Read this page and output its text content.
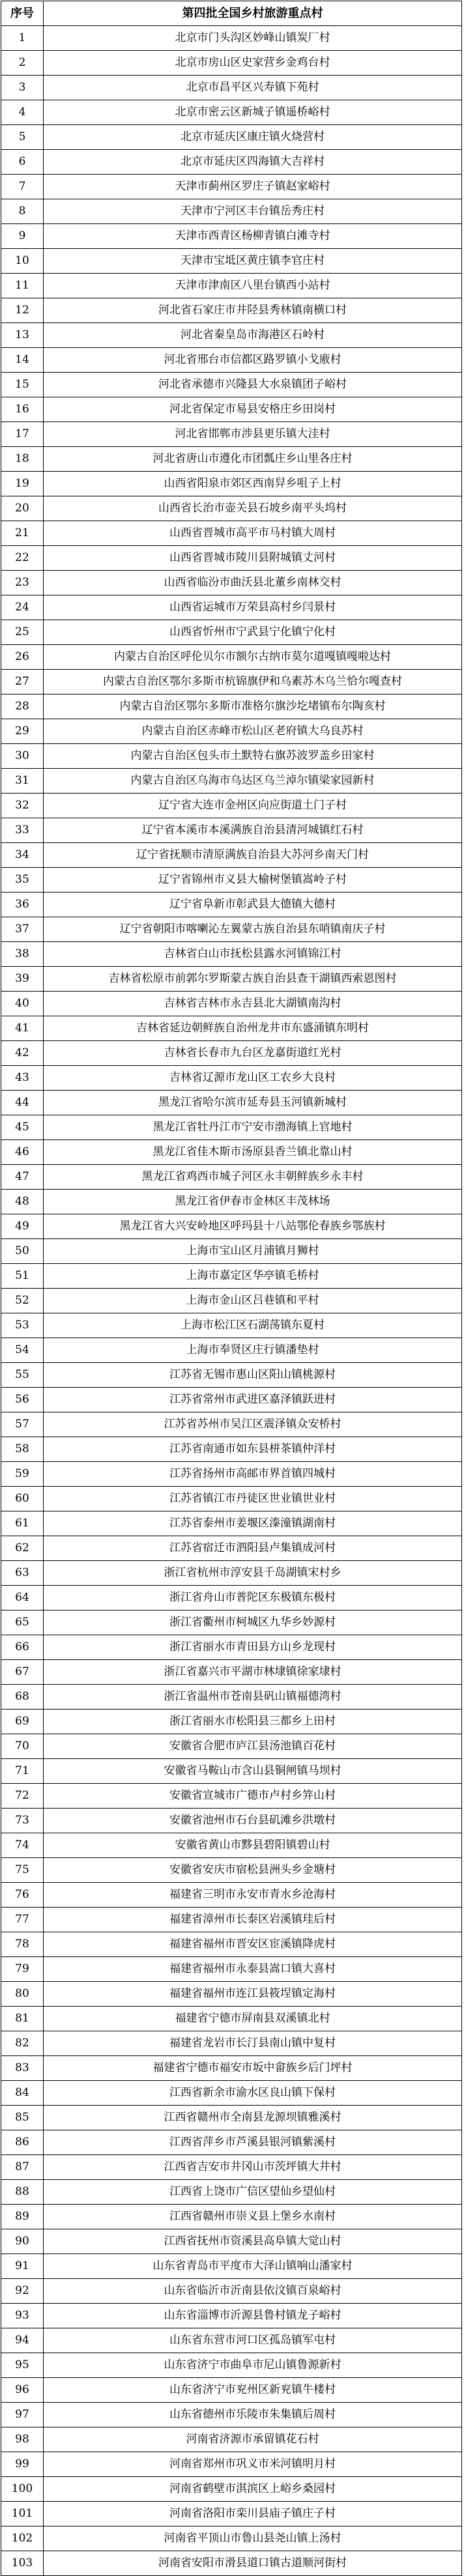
序号	第四批全国乡村旅游重点村
1	北京市门头沟区妙峰山镇炭厂村
2	北京市房山区史家营乡金鸡台村
3	北京市昌平区兴寿镇下苑村
4	北京市密云区新城子镇遥桥峪村
5	北京市延庆区康庄镇火烧营村
6	北京市延庆区四海镇大吉祥村
7	天津市蓟州区罗庄子镇赵家峪村
8	天津市宁河区丰台镇岳秀庄村
9	天津市西青区杨柳青镇白滩寺村
10	天津市宝坻区黄庄镇李官庄村
11	天津市津南区八里台镇西小站村
12	河北省石家庄市井陉县秀林镇南横口村
13	河北省秦皇岛市海港区石岭村
14	河北省邢台市信都区路罗镇小戈廒村
15	河北省承德市兴隆县大水泉镇团子峪村
16	河北省保定市易县安格庄乡田岗村
17	河北省邯郸市涉县更乐镇大洼村
18	河北省唐山市遵化市团瓢庄乡山里各庄村
19	山西省阳泉市郊区西南舁乡咀子上村
20	山西省长治市壶关县石坡乡南平头坞村
21	山西省晋城市高平市马村镇大周村
22	山西省晋城市陵川县附城镇丈河村
23	山西省临汾市曲沃县北董乡南林交村
24	山西省运城市万荣县高村乡闫景村
25	山西省忻州市宁武县宁化镇宁化村
26	内蒙古自治区呼伦贝尔市额尔古纳市莫尔道嘎镇嘎啦达村
27	内蒙古自治区鄂尔多斯市杭锦旗伊和乌素苏木乌兰恰尔嘎查村
28	内蒙古自治区鄂尔多斯市准格尔旗沙圪堵镇布尔陶亥村
29	内蒙古自治区赤峰市松山区老府镇大乌良苏村
30	内蒙古自治区包头市土默特右旗苏波罗盖乡田家村
31	内蒙古自治区乌海市乌达区乌兰淖尔镇梁家园新村
32	辽宁省大连市金州区向应街道土门子村
33	辽宁省本溪市本溪满族自治县清河城镇红石村
34	辽宁省抚顺市清原满族自治县大苏河乡南天门村
35	辽宁省锦州市义县大榆树堡镇嵩岭子村
36	辽宁省阜新市彰武县大德镇大德村
37	辽宁省朝阳市喀喇沁左翼蒙古族自治县东哨镇南庆子村
38	吉林省白山市抚松县露水河镇锦江村
39	吉林省松原市前郭尔罗斯蒙古族自治县查干湖镇西索恩图村
40	吉林省吉林市永吉县北大湖镇南沟村
41	吉林省延边朝鲜族自治州龙井市东盛涌镇东明村
42	吉林省长春市九台区龙嘉街道红光村
43	吉林省辽源市龙山区工农乡大良村
44	黑龙江省哈尔滨市延寿县玉河镇新城村
45	黑龙江省牡丹江市宁安市渤海镇上官地村
46	黑龙江省佳木斯市汤原县香兰镇北靠山村
47	黑龙江省鸡西市城子河区永丰朝鲜族乡永丰村
48	黑龙江省伊春市金林区丰茂林场
49	黑龙江省大兴安岭地区呼玛县十八站鄂伦春族乡鄂族村
50	上海市宝山区月浦镇月狮村
51	上海市嘉定区华亭镇毛桥村
52	上海市金山区吕巷镇和平村
53	上海市松江区石湖荡镇东夏村
54	上海市奉贤区庄行镇潘垫村
55	江苏省无锡市惠山区阳山镇桃源村
56	江苏省常州市武进区嘉泽镇跃进村
57	江苏省苏州市吴江区震泽镇众安桥村
58	江苏省南通市如东县栟茶镇仲洋村
59	江苏省扬州市高邮市界首镇四城村
60	江苏省镇江市丹徒区世业镇世业村
61	江苏省泰州市姜堰区溱潼镇湖南村
62	江苏省宿迁市泗阳县卢集镇成河村
63	浙江省杭州市淳安县千岛湖镇宋村乡
64	浙江省舟山市普陀区东极镇东极村
65	浙江省衢州市柯城区九华乡妙源村
66	浙江省丽水市青田县方山乡龙现村
67	浙江省嘉兴市平湖市林埭镇徐家埭村
68	浙江省温州市苍南县矾山镇福德湾村
69	浙江省丽水市松阳县三都乡上田村
70	安徽省合肥市庐江县汤池镇百花村
71	安徽省马鞍山市含山县铜闸镇马坝村
72	安徽省宣城市广德市卢村乡笄山村
73	安徽省池州市石台县矶滩乡洪墩村
74	安徽省黄山市黟县碧阳镇碧山村
75	安徽省安庆市宿松县洲头乡金塘村
76	福建省三明市永安市青水乡沧海村
77	福建省漳州市长泰区岩溪镇珪后村
78	福建省福州市晋安区宦溪镇降虎村
79	福建省福州市永泰县嵩口镇大喜村
80	福建省福州市连江县筱埕镇定海村
81	福建省宁德市屏南县双溪镇北村
82	福建省龙岩市长汀县南山镇中复村
83	福建省宁德市福安市坂中畲族乡后门坪村
84	江西省新余市渝水区良山镇下保村
85	江西省赣州市全南县龙源坝镇雅溪村
86	江西省萍乡市芦溪县银河镇紫溪村
87	江西省吉安市井冈山市茨坪镇大井村
88	江西省上饶市广信区望仙乡望仙村
89	江西省赣州市崇义县上堡乡水南村
90	江西省抚州市资溪县高阜镇大觉山村
91	山东省青岛市平度市大泽山镇响山潘家村
92	山东省临沂市沂南县依汶镇百泉峪村
93	山东省淄博市沂源县鲁村镇龙子峪村
94	山东省东营市河口区孤岛镇军屯村
95	山东省济宁市曲阜市尼山镇鲁源新村
96	山东省济宁市兖州区新兖镇牛楼村
97	山东省德州市乐陵市朱集镇后周村
98	河南省济源市承留镇花石村
99	河南省郑州市巩义市米河镇明月村
100	河南省鹤壁市淇滨区上峪乡桑园村
101	河南省洛阳市栾川县庙子镇庄子村
102	河南省平顶山市鲁山县尧山镇上汤村
103	河南省安阳市滑县道口镇古道顺河街村
